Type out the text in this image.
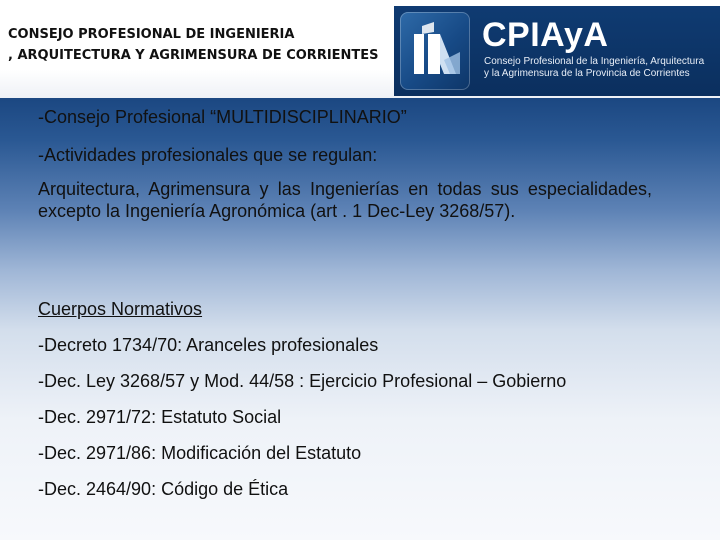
CONSEJO PROFESIONAL DE INGENIERIA
, ARQUITECTURA Y AGRIMENSURA DE CORRIENTES
CPIAyA
Consejo Profesional de la Ingeniería, Arquitectura
y la Agrimensura de la Provincia de Corrientes
-Consejo Profesional “MULTIDISCIPLINARIO”
-Actividades profesionales que se regulan:
Arquitectura, Agrimensura y las Ingenierías en todas sus especialidades, excepto la Ingeniería Agronómica (art . 1 Dec-Ley 3268/57).
Cuerpos Normativos
-Decreto 1734/70: Aranceles profesionales
-Dec. Ley 3268/57 y Mod. 44/58 : Ejercicio Profesional – Gobierno
-Dec. 2971/72: Estatuto Social
-Dec. 2971/86: Modificación del Estatuto
-Dec. 2464/90: Código de Ética
